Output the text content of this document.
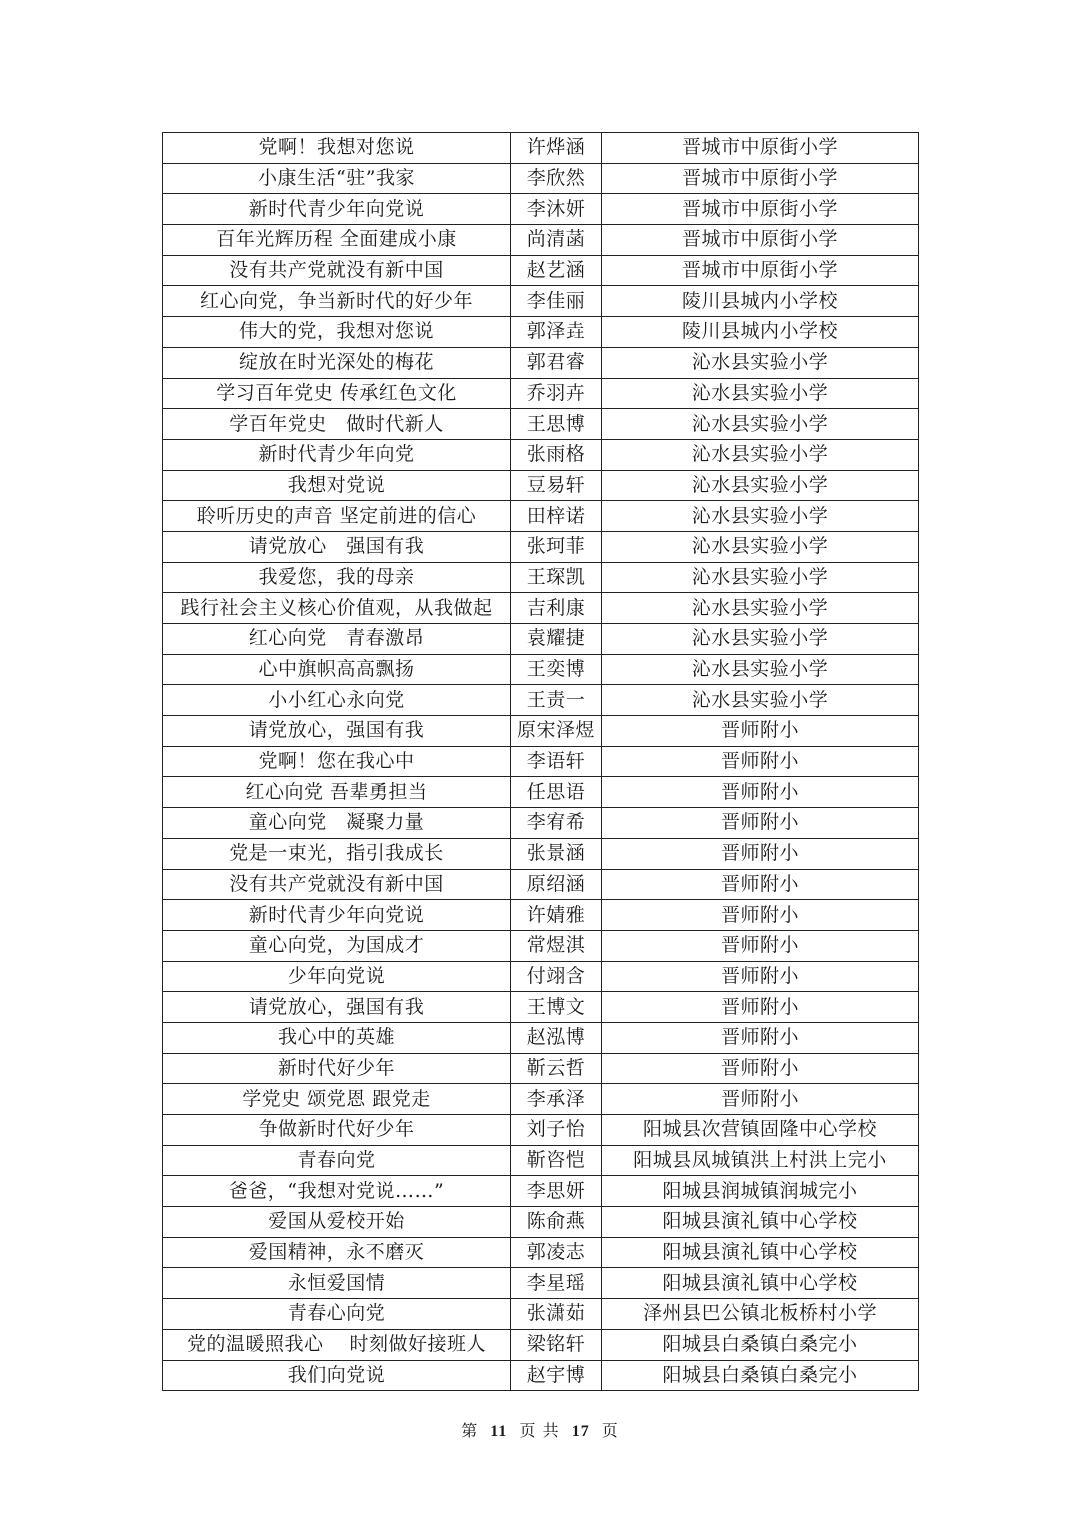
党啊！我想对您说	许烨涵	晋城市中原街小学
小康生活“驻”我家	李欣然	晋城市中原街小学
新时代青少年向党说	李沐妍	晋城市中原街小学
百年光辉历程 全面建成小康	尚清菡	晋城市中原街小学
没有共产党就没有新中国	赵艺涵	晋城市中原街小学
红心向党，争当新时代的好少年	李佳丽	陵川县城内小学校
伟大的党，我想对您说	郭泽垚	陵川县城内小学校
绽放在时光深处的梅花	郭君睿	沁水县实验小学
学习百年党史 传承红色文化	乔羽卉	沁水县实验小学
学百年党史　做时代新人	王思博	沁水县实验小学
新时代青少年向党	张雨格	沁水县实验小学
我想对党说	豆易轩	沁水县实验小学
聆听历史的声音 坚定前进的信心	田梓诺	沁水县实验小学
请党放心　强国有我	张珂菲	沁水县实验小学
我爱您，我的母亲	王琛凯	沁水县实验小学
践行社会主义核心价值观，从我做起	吉利康	沁水县实验小学
红心向党　青春激昂	袁耀捷	沁水县实验小学
心中旗帜高高飘扬	王奕博	沁水县实验小学
小小红心永向党	王责一	沁水县实验小学
请党放心，强国有我	原宋泽煜	晋师附小
党啊！您在我心中	李语轩	晋师附小
红心向党 吾辈勇担当	任思语	晋师附小
童心向党　凝聚力量	李宥希	晋师附小
党是一束光，指引我成长	张景涵	晋师附小
没有共产党就没有新中国	原绍涵	晋师附小
新时代青少年向党说	许婧雅	晋师附小
童心向党，为国成才	常煜淇	晋师附小
少年向党说	付翊含	晋师附小
请党放心，强国有我	王博文	晋师附小
我心中的英雄	赵泓博	晋师附小
新时代好少年	靳云哲	晋师附小
学党史 颂党恩 跟党走	李承泽	晋师附小
争做新时代好少年	刘子怡	阳城县次营镇固隆中心学校
青春向党	靳咨恺	阳城县凤城镇洪上村洪上完小
爸爸，“我想对党说……”	李思妍	阳城县润城镇润城完小
爱国从爱校开始	陈俞燕	阳城县演礼镇中心学校
爱国精神，永不磨灭	郭凌志	阳城县演礼镇中心学校
永恒爱国情	李星瑶	阳城县演礼镇中心学校
青春心向党	张潇茹	泽州县巴公镇北板桥村小学
党的温暖照我心　 时刻做好接班人	梁铭轩	阳城县白桑镇白桑完小
我们向党说	赵宇博	阳城县白桑镇白桑完小
第 11 页 共 17 页
